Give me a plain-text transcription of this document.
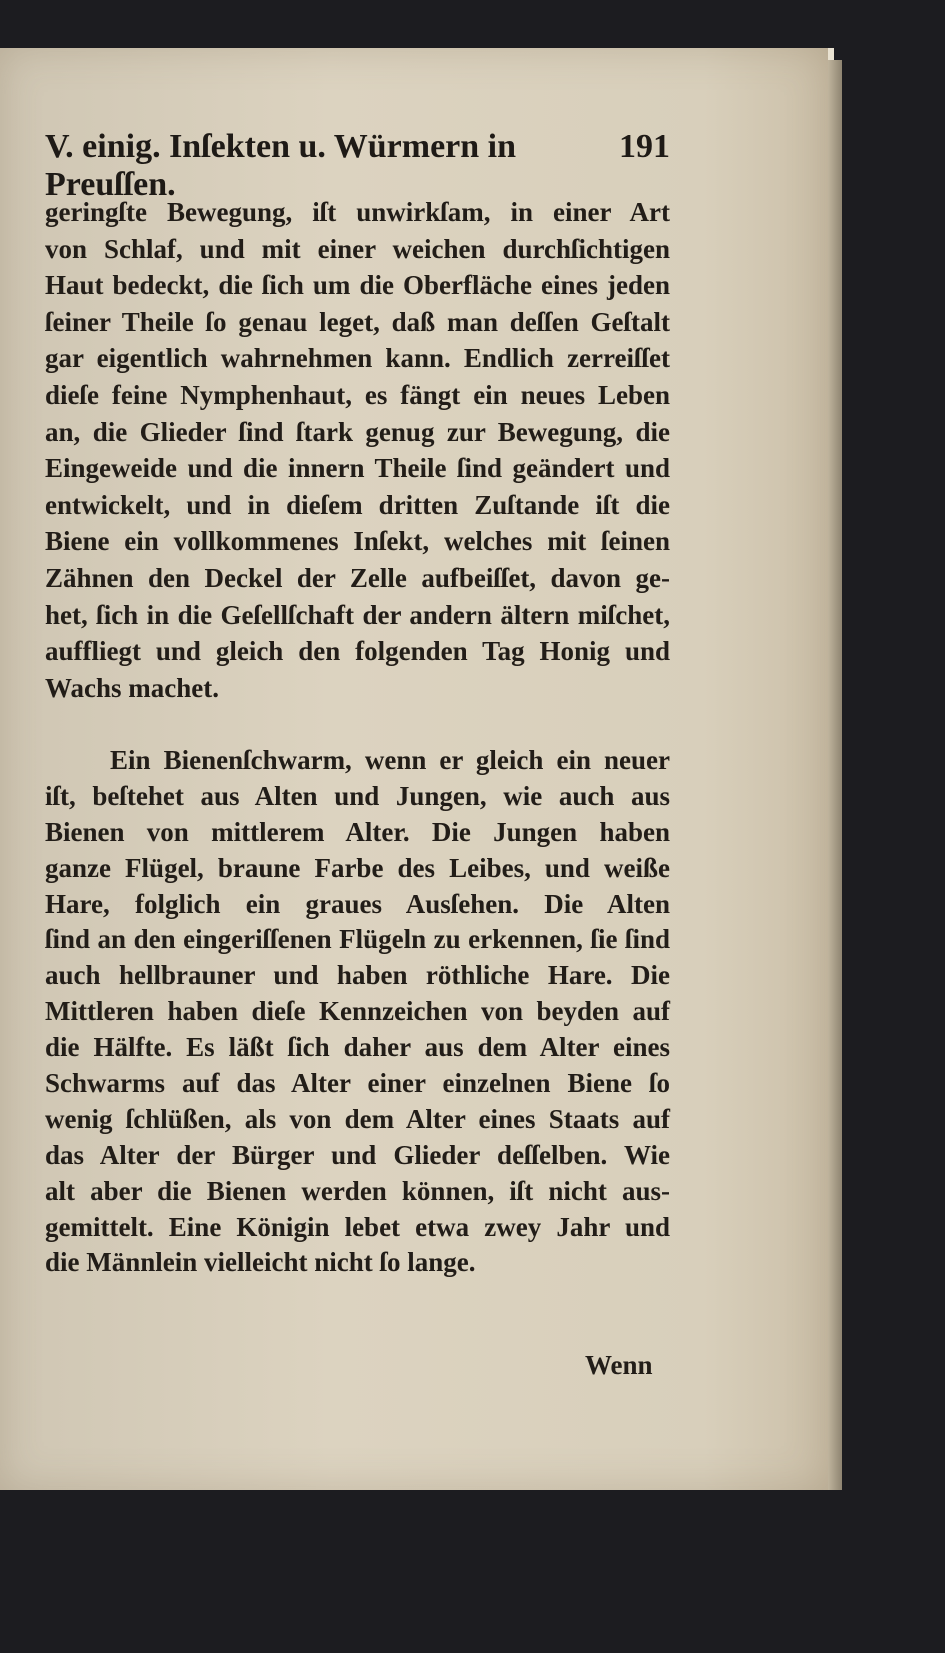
V. einig. Inſekten u. Würmern in Preuſſen.
191
geringſte Bewegung, iſt unwirkſam, in einer Art
von Schlaf, und mit einer weichen durchſichtigen
Haut bedeckt, die ſich um die Oberfläche eines jeden
ſeiner Theile ſo genau leget, daß man deſſen Geſtalt
gar eigentlich wahrnehmen kann. Endlich zerreiſſet
dieſe feine Nymphenhaut, es fängt ein neues Leben
an, die Glieder ſind ſtark genug zur Bewegung, die
Eingeweide und die innern Theile ſind geändert und
entwickelt, und in dieſem dritten Zuſtande iſt die
Biene ein vollkommenes Inſekt, welches mit ſeinen
Zähnen den Deckel der Zelle aufbeiſſet, davon ge-
het, ſich in die Geſellſchaft der andern ältern miſchet,
auffliegt und gleich den folgenden Tag Honig und
Wachs machet.
Ein Bienenſchwarm, wenn er gleich ein neuer
iſt, beſtehet aus Alten und Jungen, wie auch aus
Bienen von mittlerem Alter. Die Jungen haben
ganze Flügel, braune Farbe des Leibes, und weiße
Hare, folglich ein graues Ausſehen. Die Alten
ſind an den eingeriſſenen Flügeln zu erkennen, ſie ſind
auch hellbrauner und haben röthliche Hare. Die
Mittleren haben dieſe Kennzeichen von beyden auf
die Hälfte. Es läßt ſich daher aus dem Alter eines
Schwarms auf das Alter einer einzelnen Biene ſo
wenig ſchlüßen, als von dem Alter eines Staats auf
das Alter der Bürger und Glieder deſſelben. Wie
alt aber die Bienen werden können, iſt nicht aus-
gemittelt. Eine Königin lebet etwa zwey Jahr und
die Männlein vielleicht nicht ſo lange.
Wenn
